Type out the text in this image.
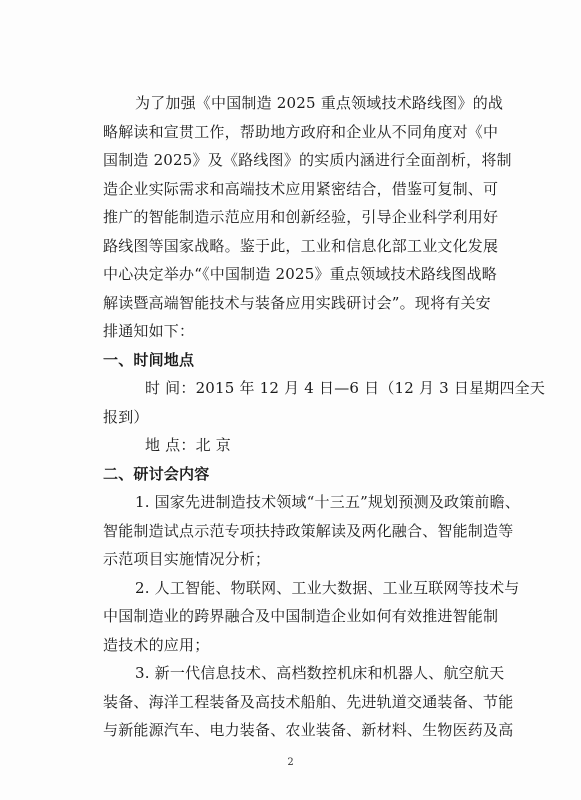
为了加强《中国制造 2025 重点领域技术路线图》的战
略解读和宣贯工作，帮助地方政府和企业从不同角度对《中
国制造 2025》及《路线图》的实质内涵进行全面剖析，将制
造企业实际需求和高端技术应用紧密结合，借鉴可复制、可
推广的智能制造示范应用和创新经验，引导企业科学利用好
路线图等国家战略。鉴于此，工业和信息化部工业文化发展
中心决定举办“《中国制造 2025》重点领域技术路线图战略
解读暨高端智能技术与装备应用实践研讨会”。现将有关安
排通知如下：
一、时间地点
时 间：2015 年 12 月 4 日—6 日（12 月 3 日星期四全天
报到）
地 点：北 京
二、研讨会内容
1. 国家先进制造技术领域“十三五”规划预测及政策前瞻、
智能制造试点示范专项扶持政策解读及两化融合、智能制造等
示范项目实施情况分析；
2. 人工智能、物联网、工业大数据、工业互联网等技术与
中国制造业的跨界融合及中国制造企业如何有效推进智能制
造技术的应用；
3. 新一代信息技术、高档数控机床和机器人、航空航天
装备、海洋工程装备及高技术船舶、先进轨道交通装备、节能
与新能源汽车、电力装备、农业装备、新材料、生物医药及高
2
